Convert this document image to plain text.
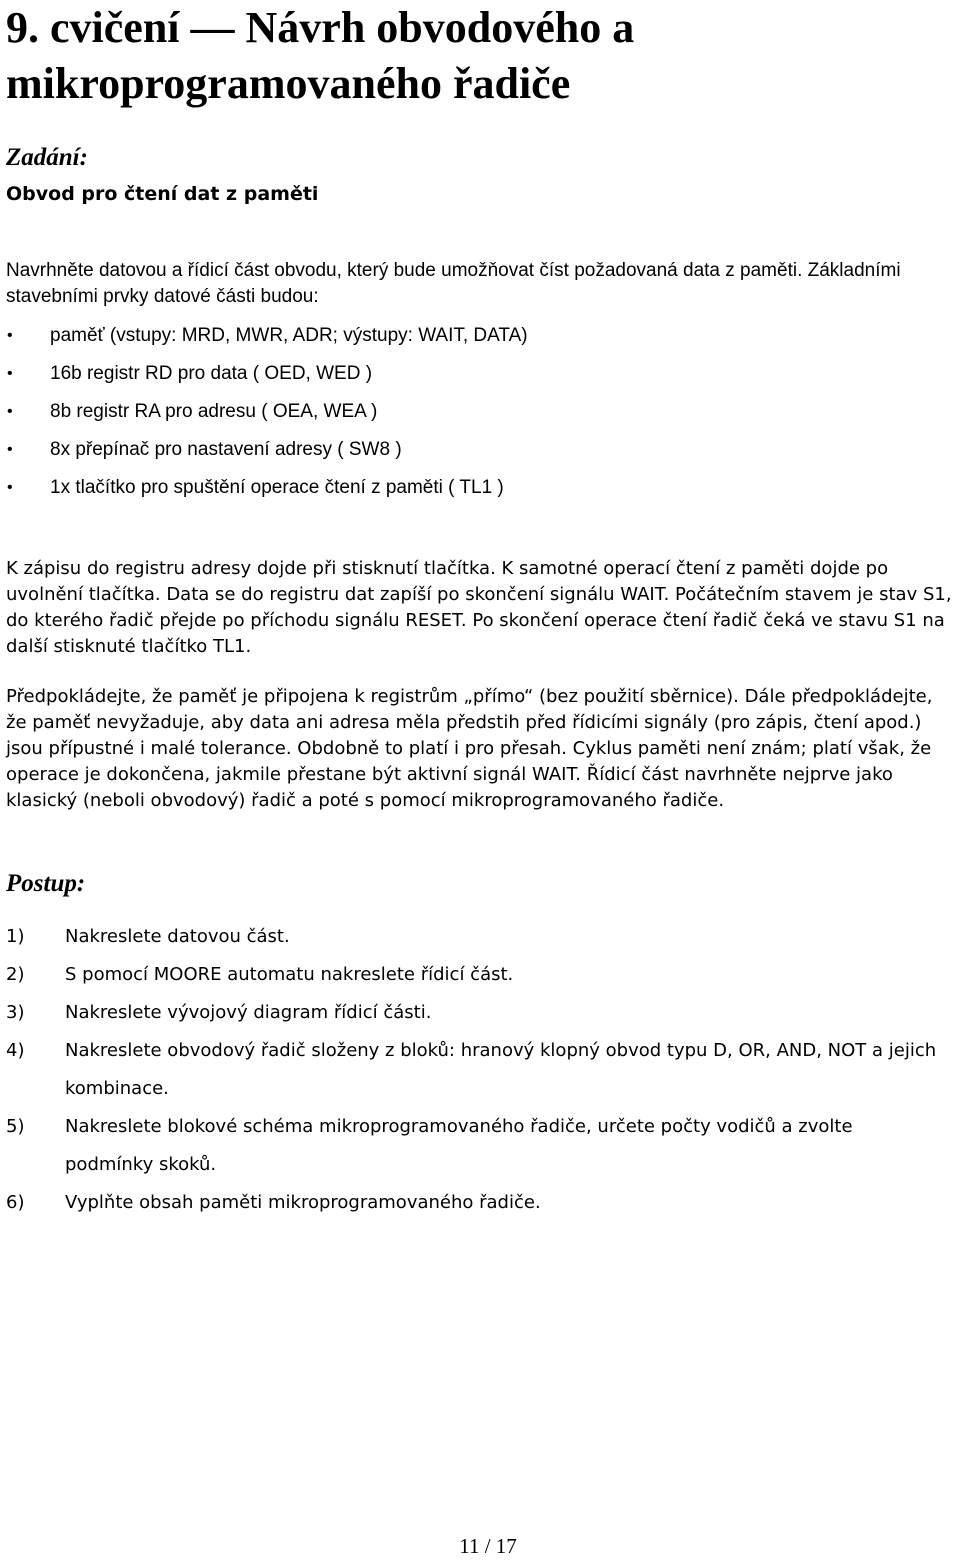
9. cvičení — Návrh obvodového a mikroprogramovaného řadiče
Zadání:
Obvod pro čtení dat z paměti

Navrhněte datovou a řídicí část obvodu, který bude umožňovat číst požadovaná data z paměti. Základními stavebními prvky datové části budou:

• paměť (vstupy: MRD, MWR, ADR; výstupy: WAIT, DATA)
• 16b registr RD pro data ( OED, WED )
• 8b registr RA pro adresu ( OEA, WEA )
• 8x přepínač pro nastavení adresy ( SW8 )
• 1x tlačítko pro spuštění operace čtení z paměti ( TL1 )

K zápisu do registru adresy dojde při stisknutí tlačítka. K samotné operací čtení z paměti dojde po uvolnění tlačítka. Data se do registru dat zapíší po skončení signálu WAIT. Počátečním stavem je stav S1, do kterého řadič přejde po příchodu signálu RESET. Po skončení operace čtení řadič čeká ve stavu S1 na další stisknuté tlačítko TL1.

Předpokládejte, že paměť je připojena k registrům „přímo“ (bez použití sběrnice). Dále předpokládejte, že paměť nevyžaduje, aby data ani adresa měla předstih před řídicími signály (pro zápis, čtení apod.) jsou přípustné i malé tolerance. Obdobně to platí i pro přesah. Cyklus paměti není znám; platí však, že operace je dokončena, jakmile přestane být aktivní signál WAIT. Řídicí část navrhněte nejprve jako klasický (neboli obvodový) řadič a poté s pomocí mikroprogramovaného řadiče.

Postup:
1) Nakreslete datovou část.
2) S pomocí MOORE automatu nakreslete řídicí část.
3) Nakreslete vývojový diagram řídicí části.
4) Nakreslete obvodový řadič složeny z bloků: hranový klopný obvod typu D, OR, AND, NOT a jejich kombinace.
5) Nakreslete blokové schéma mikroprogramovaného řadiče, určete počty vodičů a zvolte podmínky skoků.
6) Vyplňte obsah paměti mikroprogramovaného řadiče.

11 / 17
